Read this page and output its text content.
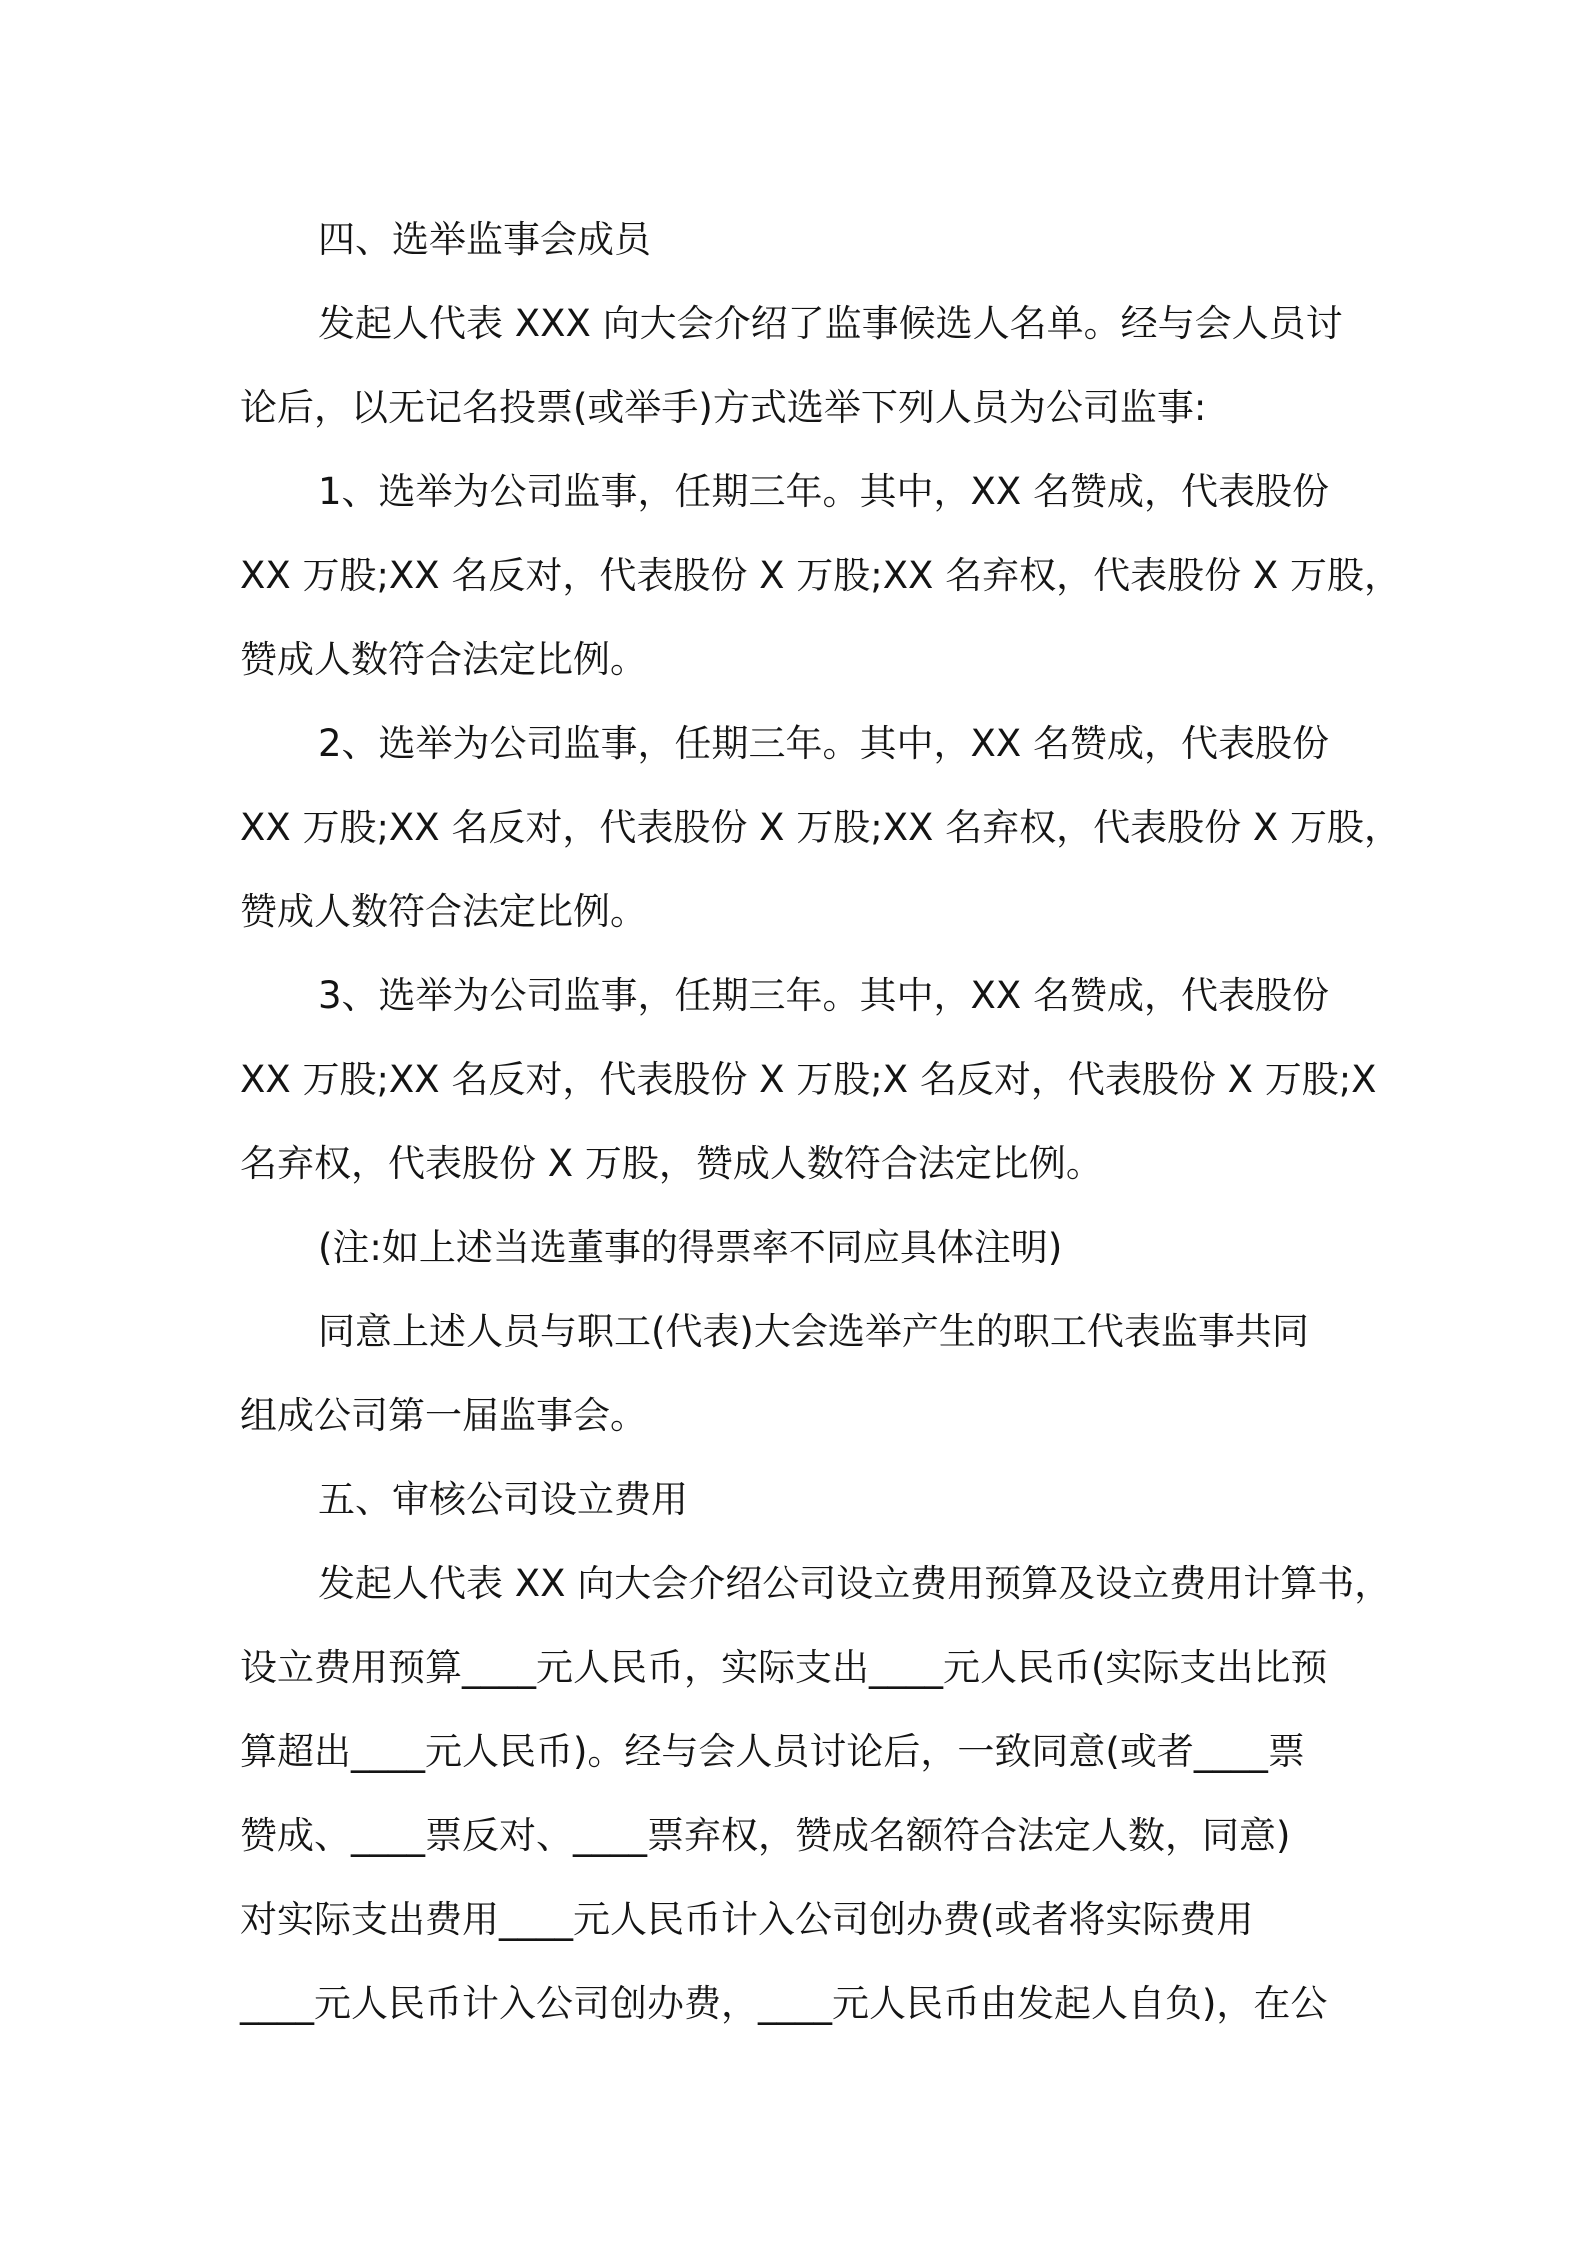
四、选举监事会成员
发起人代表 XXX 向大会介绍了监事候选人名单。经与会人员讨
论后，以无记名投票(或举手)方式选举下列人员为公司监事:
1、选举为公司监事，任期三年。其中，XX 名赞成，代表股份
XX 万股;XX 名反对，代表股份 X 万股;XX 名弃权，代表股份 X 万股，
赞成人数符合法定比例。
2、选举为公司监事，任期三年。其中，XX 名赞成，代表股份
XX 万股;XX 名反对，代表股份 X 万股;XX 名弃权，代表股份 X 万股，
赞成人数符合法定比例。
3、选举为公司监事，任期三年。其中，XX 名赞成，代表股份
XX 万股;XX 名反对，代表股份 X 万股;X 名反对，代表股份 X 万股;X
名弃权，代表股份 X 万股，赞成人数符合法定比例。
(注:如上述当选董事的得票率不同应具体注明)
同意上述人员与职工(代表)大会选举产生的职工代表监事共同
组成公司第一届监事会。
五、审核公司设立费用
发起人代表 XX 向大会介绍公司设立费用预算及设立费用计算书，
设立费用预算____元人民币，实际支出____元人民币(实际支出比预
算超出____元人民币)。经与会人员讨论后，一致同意(或者____票
赞成、____票反对、____票弃权，赞成名额符合法定人数，同意)
对实际支出费用____元人民币计入公司创办费(或者将实际费用
____元人民币计入公司创办费，____元人民币由发起人自负)，在公
